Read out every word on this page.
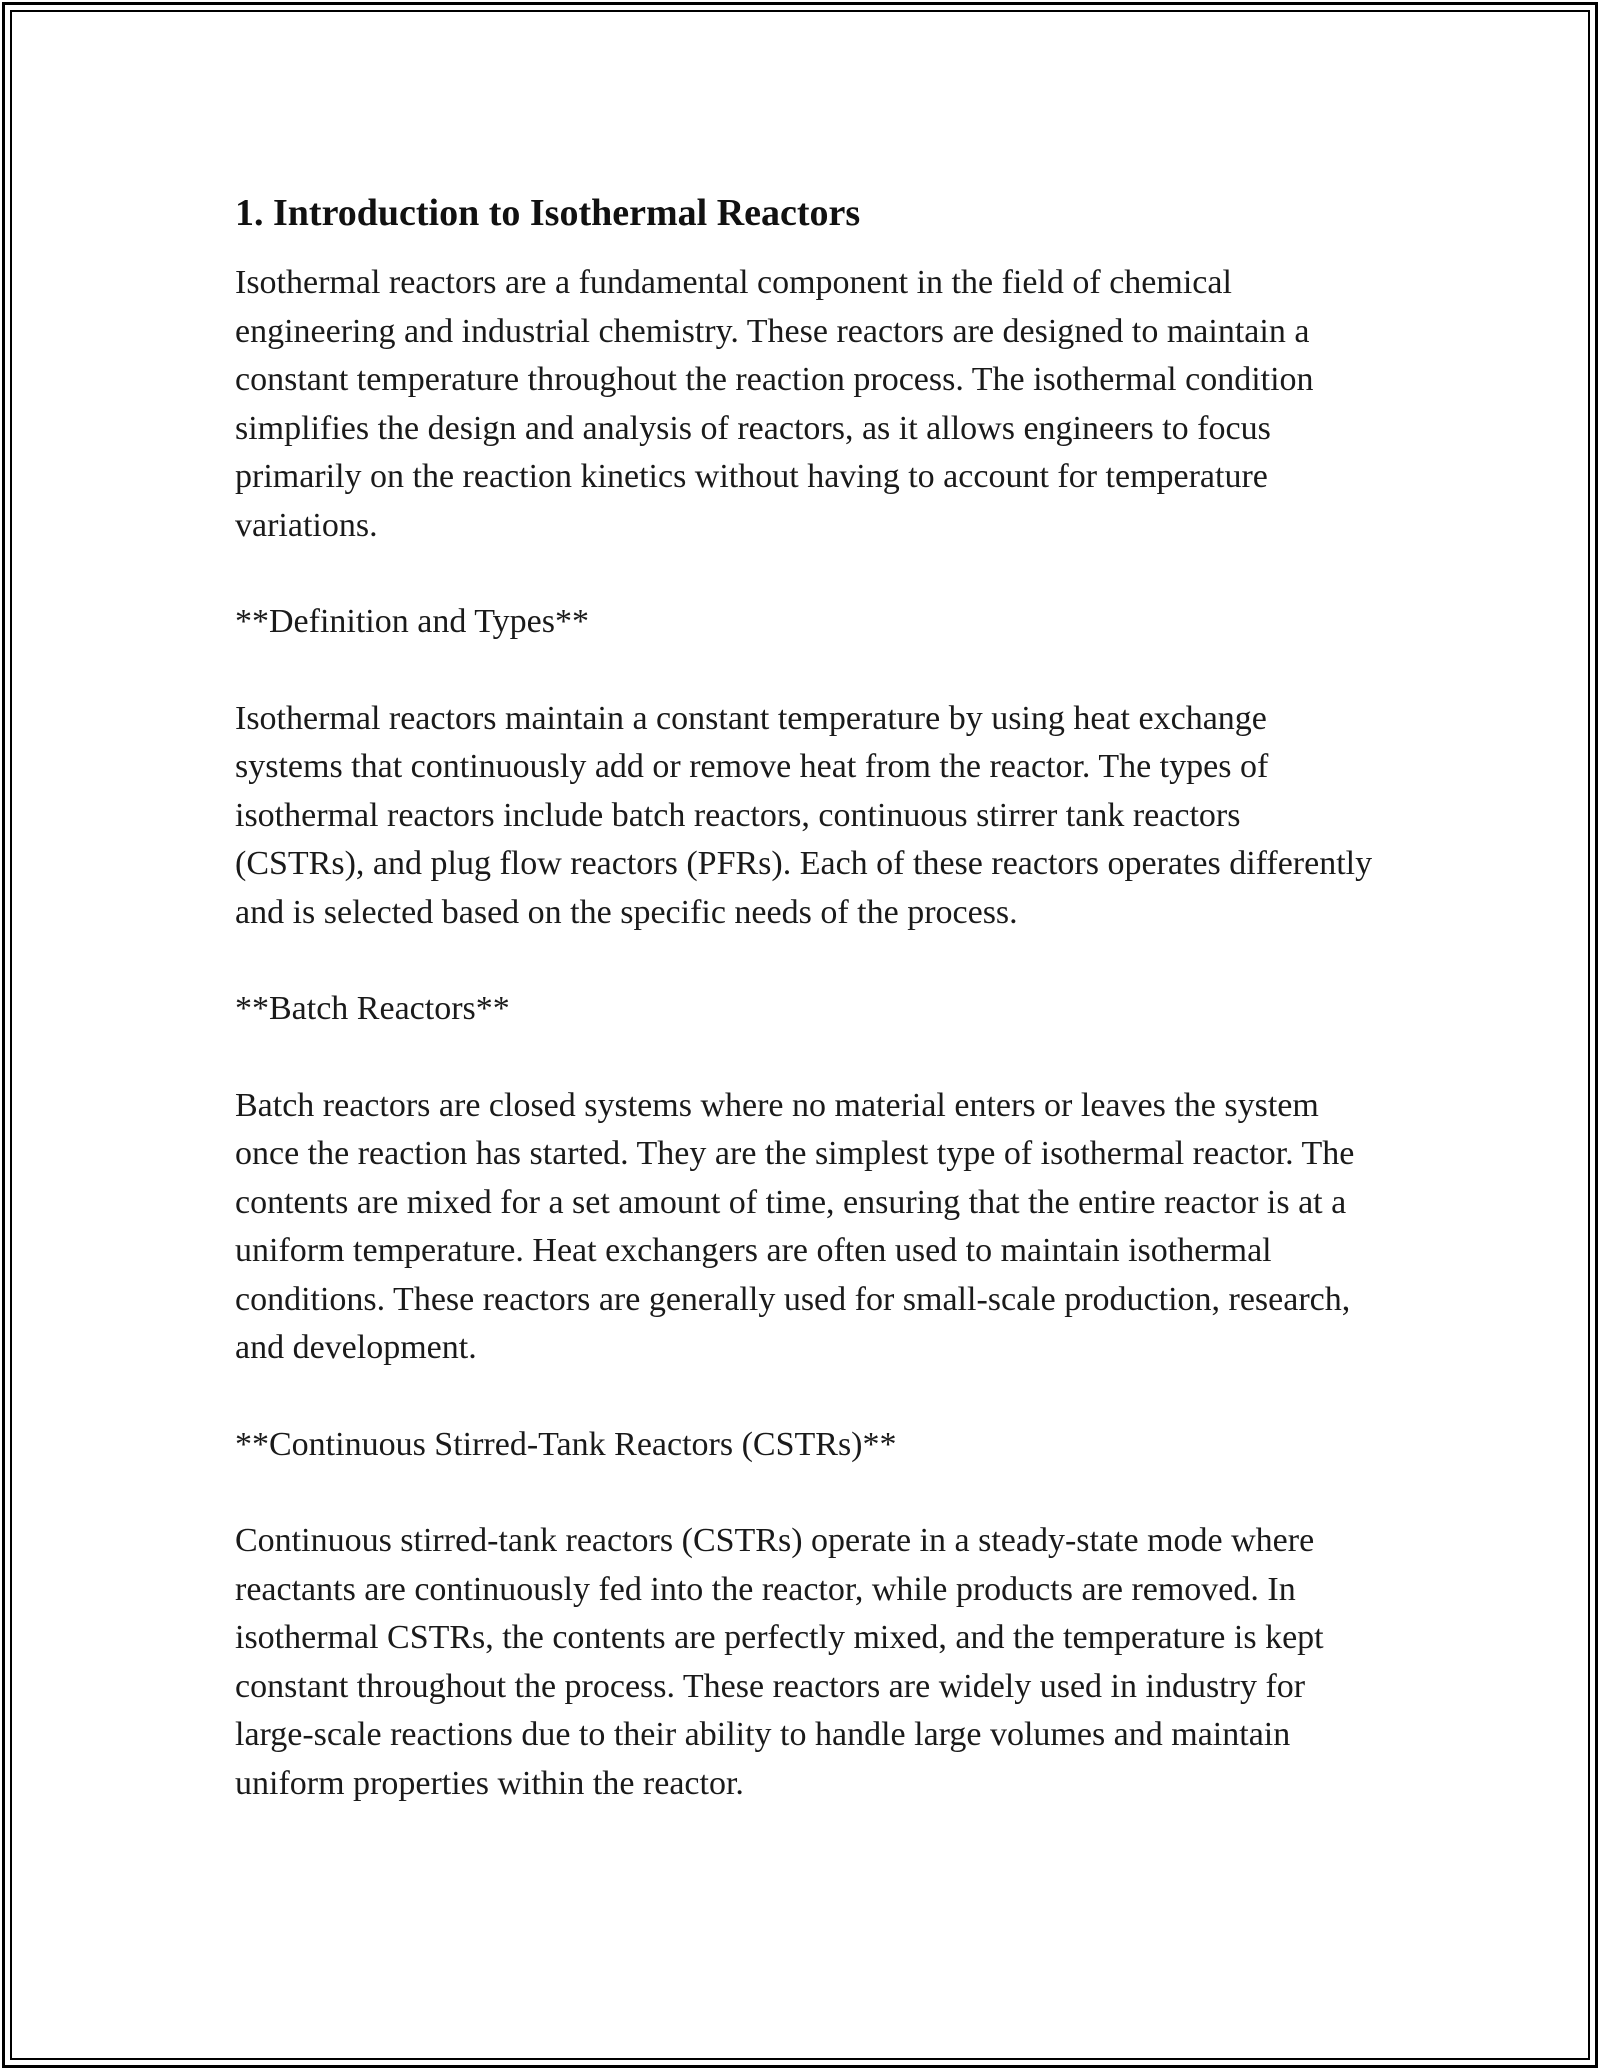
1. Introduction to Isothermal Reactors

Isothermal reactors are a fundamental component in the field of chemical engineering and industrial chemistry. These reactors are designed to maintain a constant temperature throughout the reaction process. The isothermal condition simplifies the design and analysis of reactors, as it allows engineers to focus primarily on the reaction kinetics without having to account for temperature variations.

**Definition and Types**

Isothermal reactors maintain a constant temperature by using heat exchange systems that continuously add or remove heat from the reactor. The types of isothermal reactors include batch reactors, continuous stirrer tank reactors (CSTRs), and plug flow reactors (PFRs). Each of these reactors operates differently and is selected based on the specific needs of the process.

**Batch Reactors**

Batch reactors are closed systems where no material enters or leaves the system once the reaction has started. They are the simplest type of isothermal reactor. The contents are mixed for a set amount of time, ensuring that the entire reactor is at a uniform temperature. Heat exchangers are often used to maintain isothermal conditions. These reactors are generally used for small-scale production, research, and development.

**Continuous Stirred-Tank Reactors (CSTRs)**

Continuous stirred-tank reactors (CSTRs) operate in a steady-state mode where reactants are continuously fed into the reactor, while products are removed. In isothermal CSTRs, the contents are perfectly mixed, and the temperature is kept constant throughout the process. These reactors are widely used in industry for large-scale reactions due to their ability to handle large volumes and maintain uniform properties within the reactor.
